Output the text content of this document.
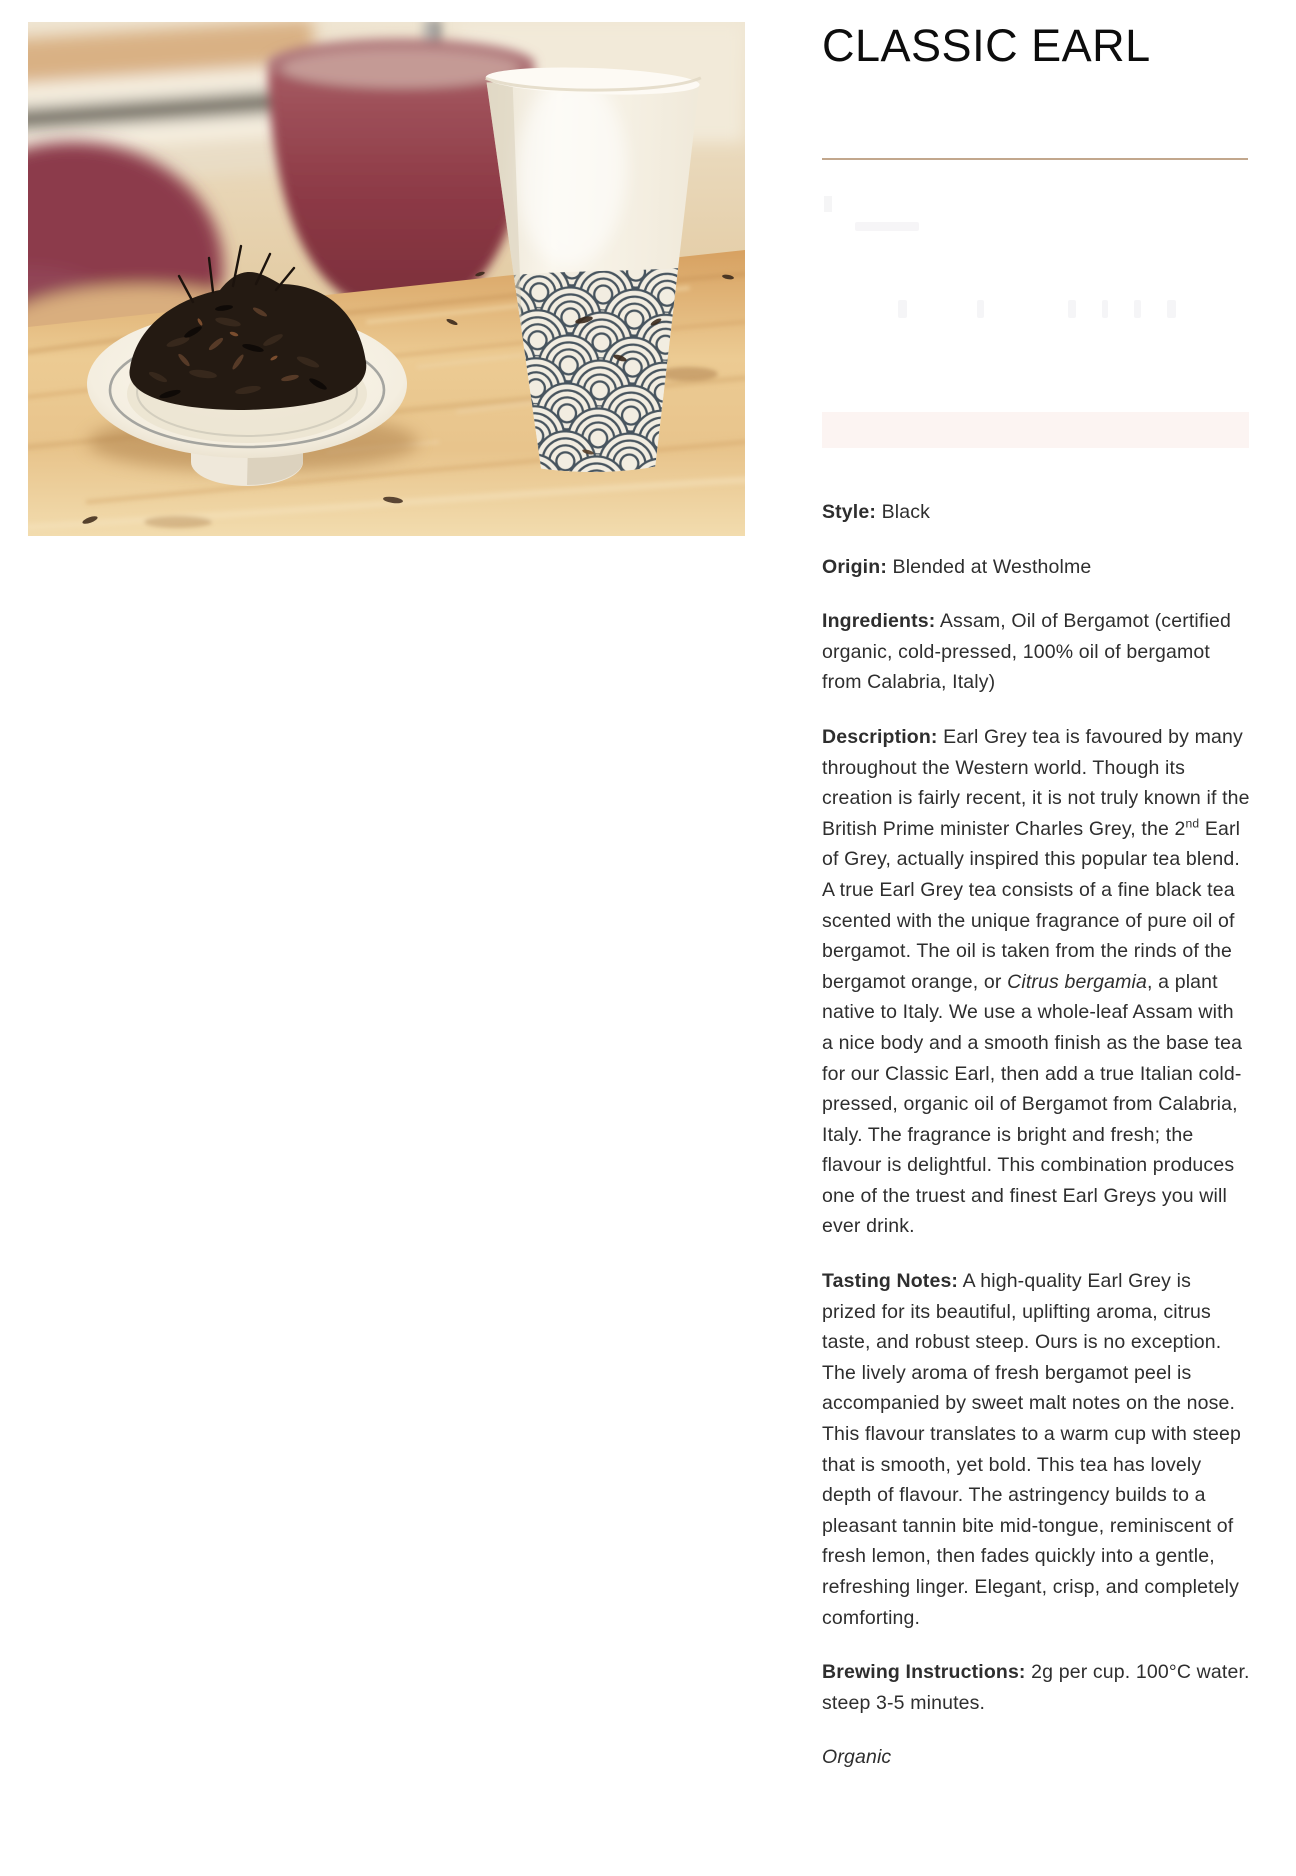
CLASSIC EARL

Style: Black

Origin: Blended at Westholme

Ingredients: Assam, Oil of Bergamot (certified organic, cold-pressed, 100% oil of bergamot from Calabria, Italy)

Description: Earl Grey tea is favoured by many throughout the Western world. Though its creation is fairly recent, it is not truly known if the British Prime minister Charles Grey, the 2nd Earl of Grey, actually inspired this popular tea blend. A true Earl Grey tea consists of a fine black tea scented with the unique fragrance of pure oil of bergamot. The oil is taken from the rinds of the bergamot orange, or Citrus bergamia, a plant native to Italy. We use a whole-leaf Assam with a nice body and a smooth finish as the base tea for our Classic Earl, then add a true Italian cold-pressed, organic oil of Bergamot from Calabria, Italy. The fragrance is bright and fresh; the flavour is delightful. This combination produces one of the truest and finest Earl Greys you will ever drink.

Tasting Notes: A high-quality Earl Grey is prized for its beautiful, uplifting aroma, citrus taste, and robust steep. Ours is no exception. The lively aroma of fresh bergamot peel is accompanied by sweet malt notes on the nose. This flavour translates to a warm cup with steep that is smooth, yet bold. This tea has lovely depth of flavour. The astringency builds to a pleasant tannin bite mid-tongue, reminiscent of fresh lemon, then fades quickly into a gentle, refreshing linger. Elegant, crisp, and completely comforting.

Brewing Instructions: 2g per cup. 100°C water. steep 3-5 minutes.

Organic
